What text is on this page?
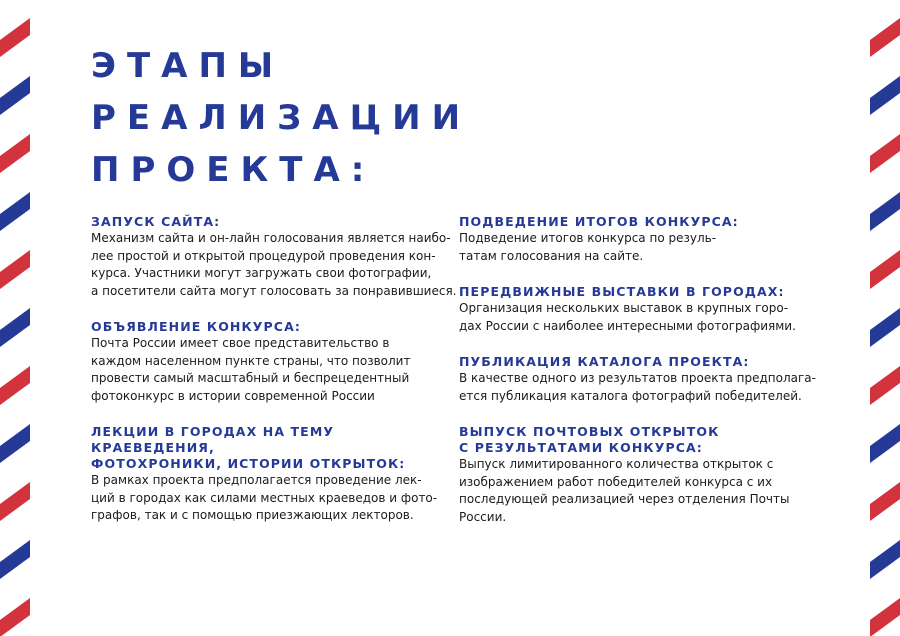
ЭТАПЫ
РЕАЛИЗАЦИИ
ПРОЕКТА:
ЗАПУСК САЙТА:

Механизм сайта и он-лайн голосования является наибо-
лее простой и открытой процедурой проведения кон-
курса. Участники могут загружать свои фотографии,
а посетители сайта могут голосовать за понравившиеся.

ОБЪЯВЛЕНИЕ КОНКУРСА:

Почта России имеет свое представительство в
каждом населенном пункте страны, что позволит
провести самый масштабный и беспрецедентный
фотоконкурс в истории современной России

ЛЕКЦИИ В ГОРОДАХ НА ТЕМУ КРАЕВЕДЕНИЯ,
ФОТОХРОНИКИ, ИСТОРИИ ОТКРЫТОК:

В рамках проекта предполагается проведение лек-
ций в городах как силами местных краеведов и фото-
графов, так и с помощью приезжающих лекторов.

ПОДВЕДЕНИЕ ИТОГОВ КОНКУРСА:

Подведение итогов конкурса по резуль-
татам голосования на сайте.

ПЕРЕДВИЖНЫЕ ВЫСТАВКИ В ГОРОДАХ:

Организация нескольких выставок в крупных горо-
дах России с наиболее интересными фотографиями.

ПУБЛИКАЦИЯ КАТАЛОГА ПРОЕКТА:

В качестве одного из результатов проекта предполага-
ется публикация каталога фотографий победителей.

ВЫПУСК ПОЧТОВЫХ ОТКРЫТОК
С РЕЗУЛЬТАТАМИ КОНКУРСА:

Выпуск лимитированного количества открыток с
изображением работ победителей конкурса с их
последующей реализацией через отделения Почты
России.
